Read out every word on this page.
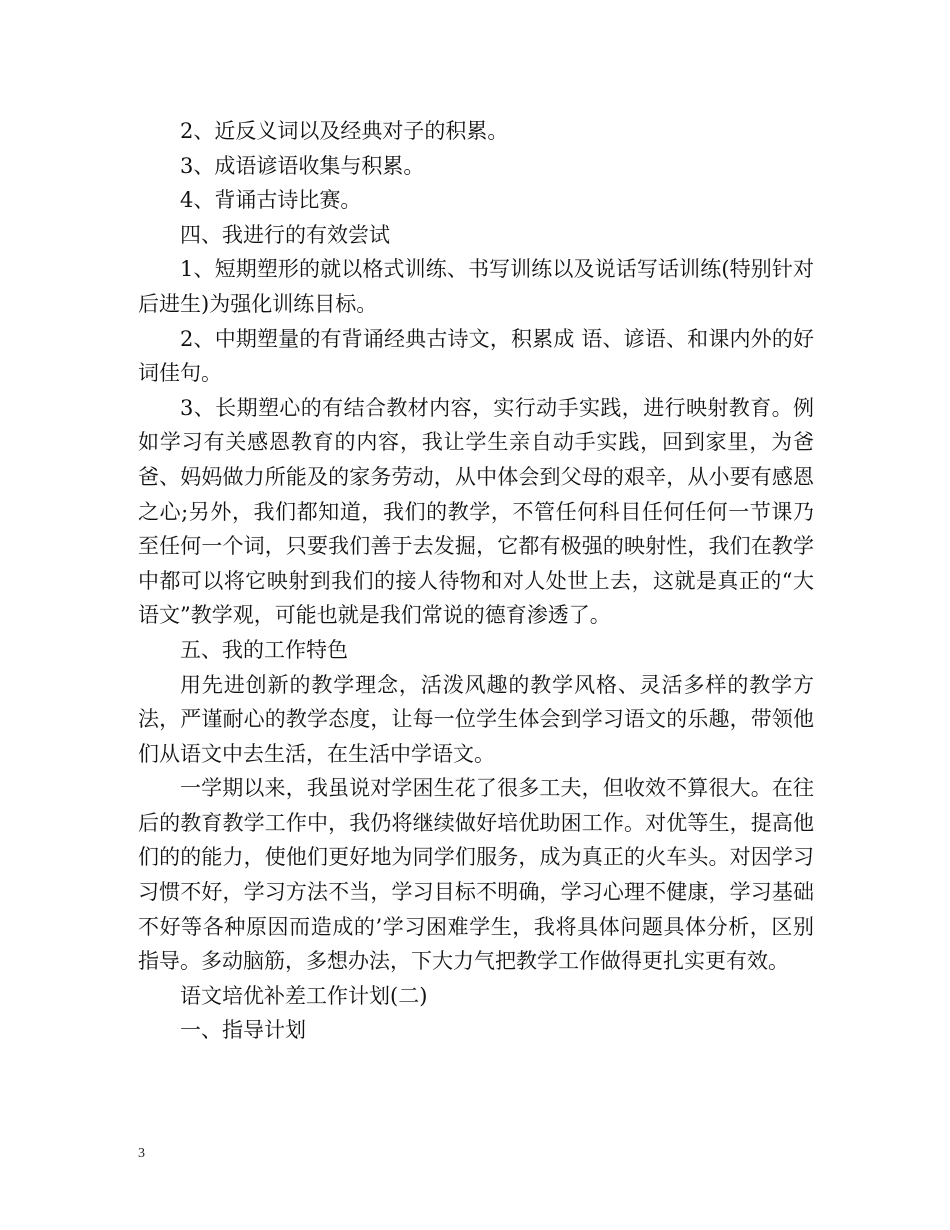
2、近反义词以及经典对子的积累。

3、成语谚语收集与积累。

4、背诵古诗比赛。

四、我进行的有效尝试

1、短期塑形的就以格式训练、书写训练以及说话写话训练(特别针对后进生)为强化训练目标。

2、中期塑量的有背诵经典古诗文，积累成 语、谚语、和课内外的好词佳句。

3、长期塑心的有结合教材内容，实行动手实践，进行映射教育。例如学习有关感恩教育的内容，我让学生亲自动手实践，回到家里，为爸爸、妈妈做力所能及的家务劳动，从中体会到父母的艰辛，从小要有感恩之心;另外，我们都知道，我们的教学，不管任何科目任何任何一节课乃至任何一个词，只要我们善于去发掘，它都有极强的映射性，我们在教学中都可以将它映射到我们的接人待物和对人处世上去，这就是真正的“大语文”教学观，可能也就是我们常说的德育渗透了。

五、我的工作特色

用先进创新的教学理念，活泼风趣的教学风格、灵活多样的教学方法，严谨耐心的教学态度，让每一位学生体会到学习语文的乐趣，带领他们从语文中去生活，在生活中学语文。

一学期以来，我虽说对学困生花了很多工夫，但收效不算很大。在往后的教育教学工作中，我仍将继续做好培优助困工作。对优等生，提高他们的的能力，使他们更好地为同学们服务，成为真正的火车头。对因学习习惯不好，学习方法不当，学习目标不明确，学习心理不健康，学习基础不好等各种原因而造成的’学习困难学生，我将具体问题具体分析，区别指导。多动脑筋，多想办法，下大力气把教学工作做得更扎实更有效。

语文培优补差工作计划(二)

一、指导计划

3
